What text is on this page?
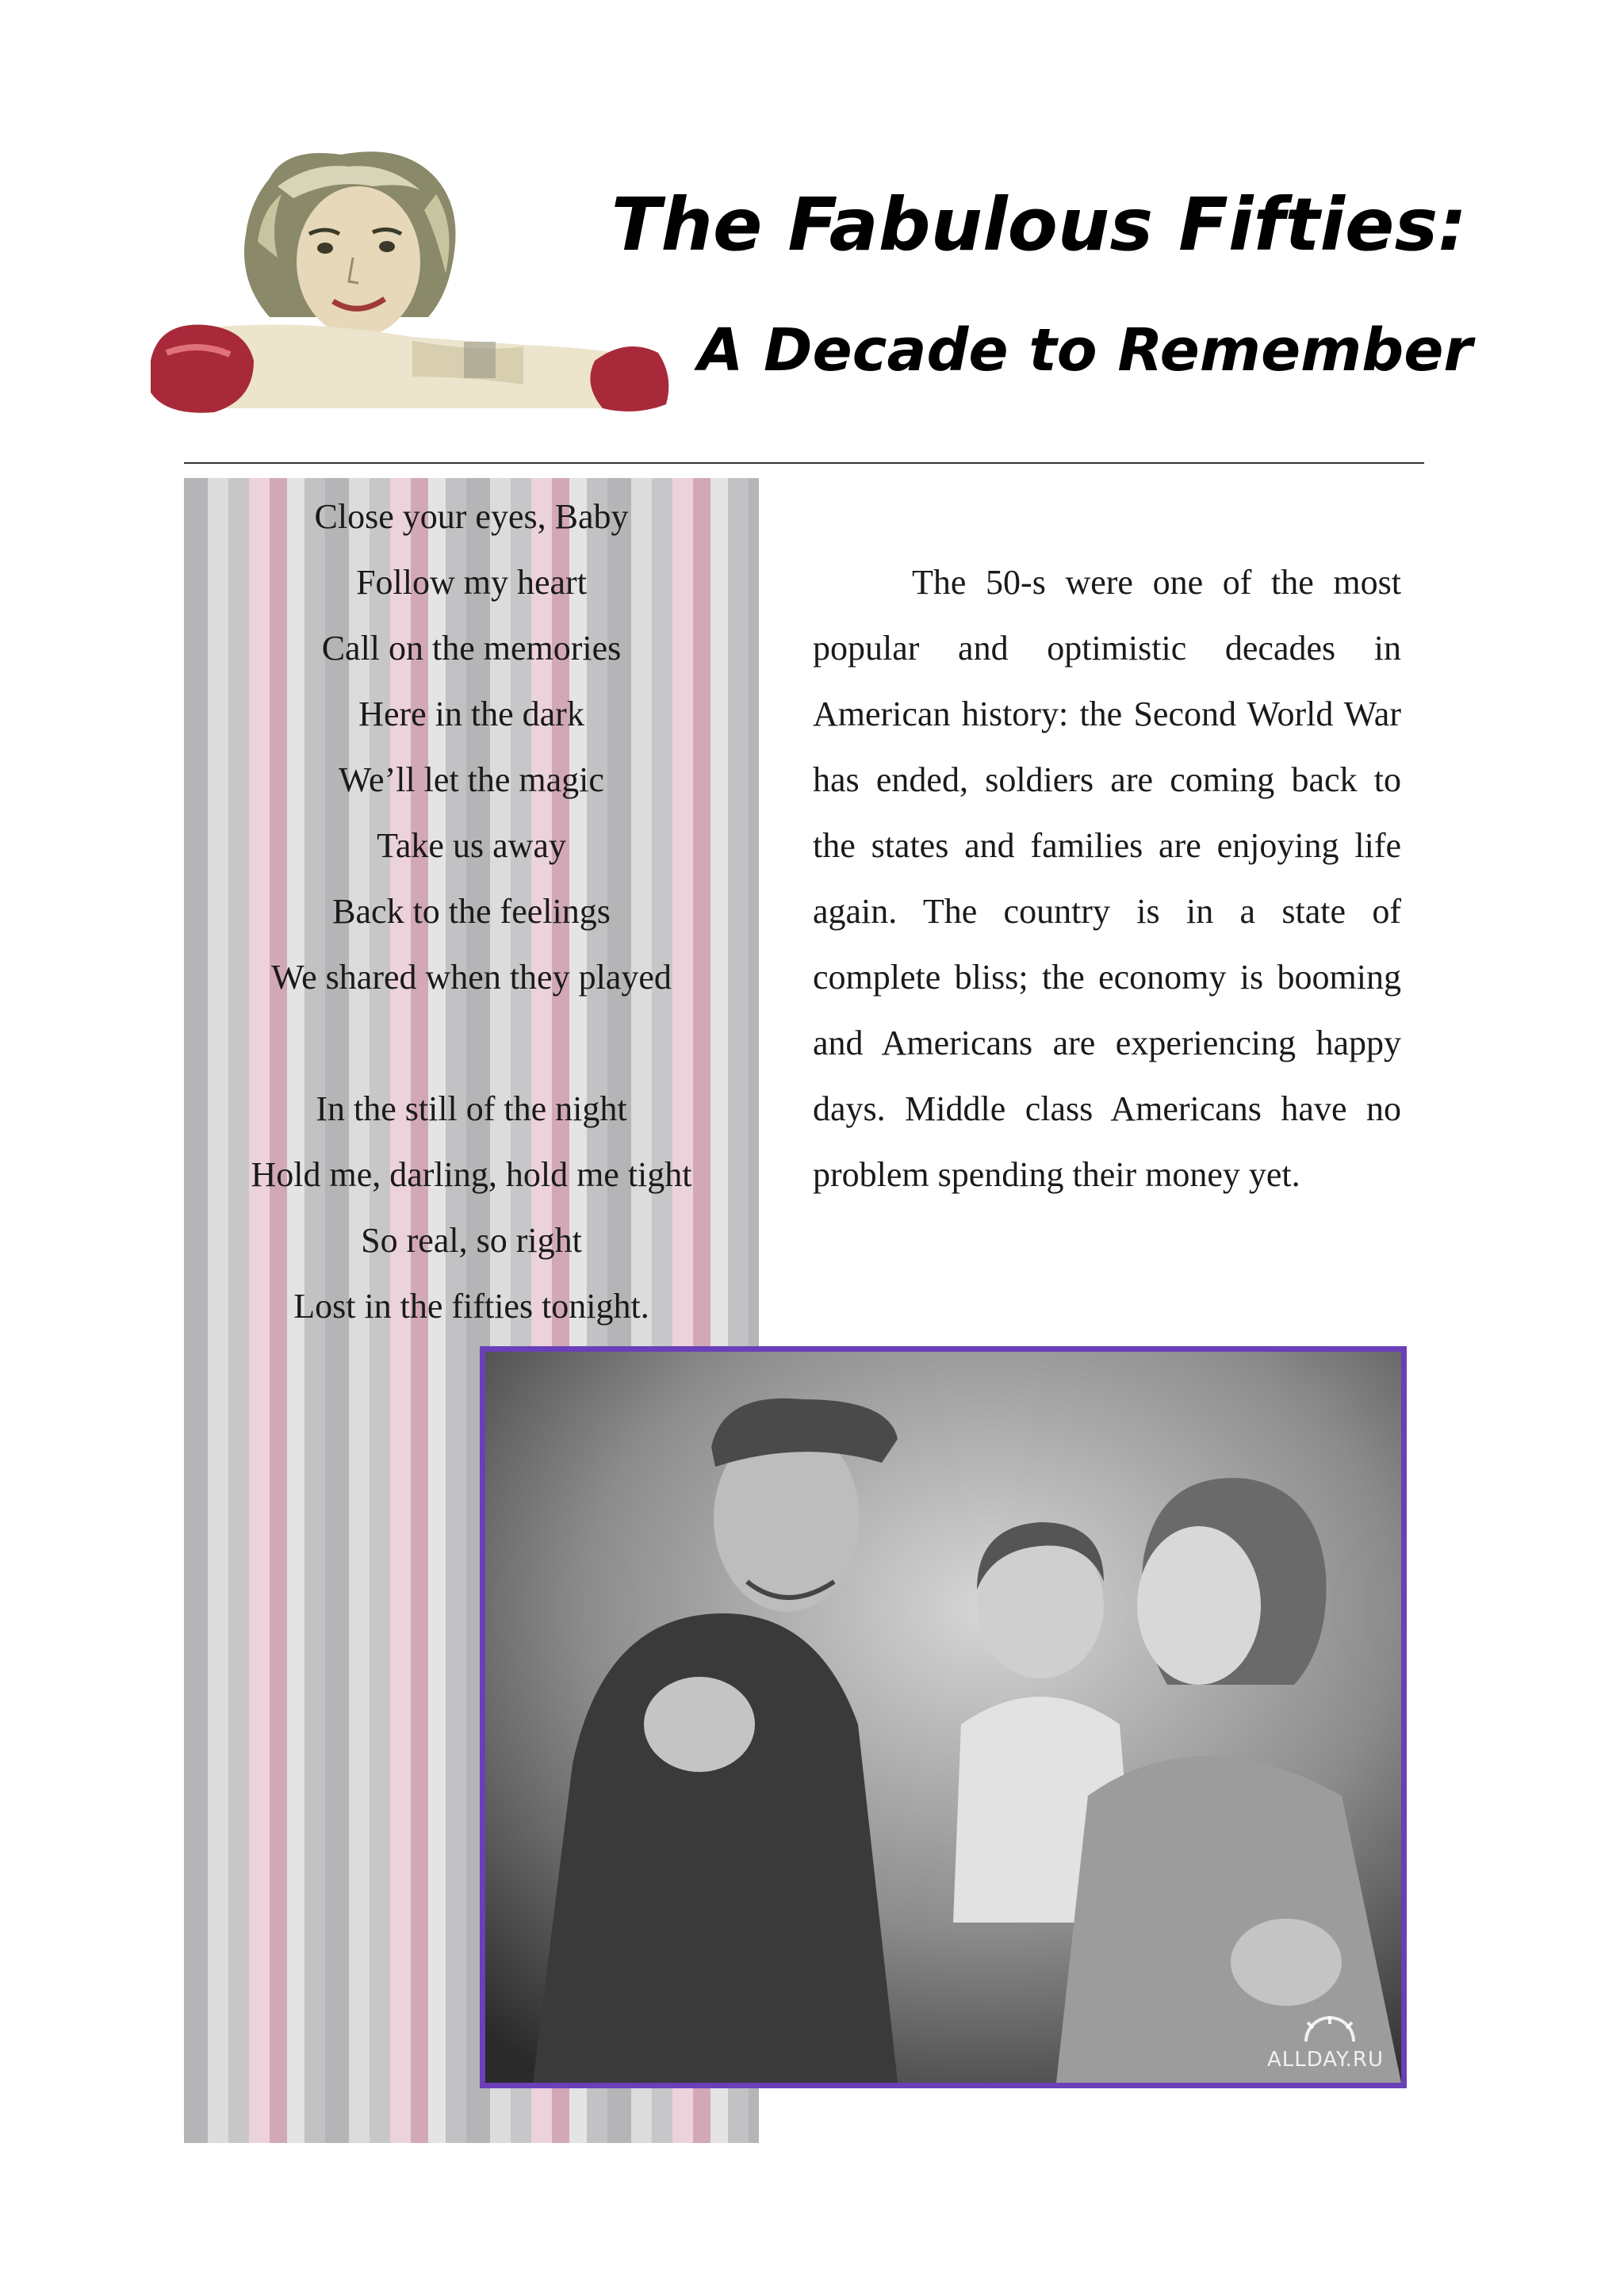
The Fabulous Fifties:
A Decade to Remember
Close your eyes, Baby
Follow my heart
Call on the memories
Here in the dark
We’ll let the magic
Take us away
Back to the feelings
We shared when they played
In the still of the night
Hold me, darling, hold me tight
So real, so right
Lost in the fifties tonight.

The 50-s were one of the most popular and optimistic decades in American history: the Second World War has ended, soldiers are coming back to the states and families are enjoying life again. The country is in a state of complete bliss; the economy is booming and Americans are experiencing happy days. Middle class Americans have no problem spending their money yet.

ALLDAY.RU
